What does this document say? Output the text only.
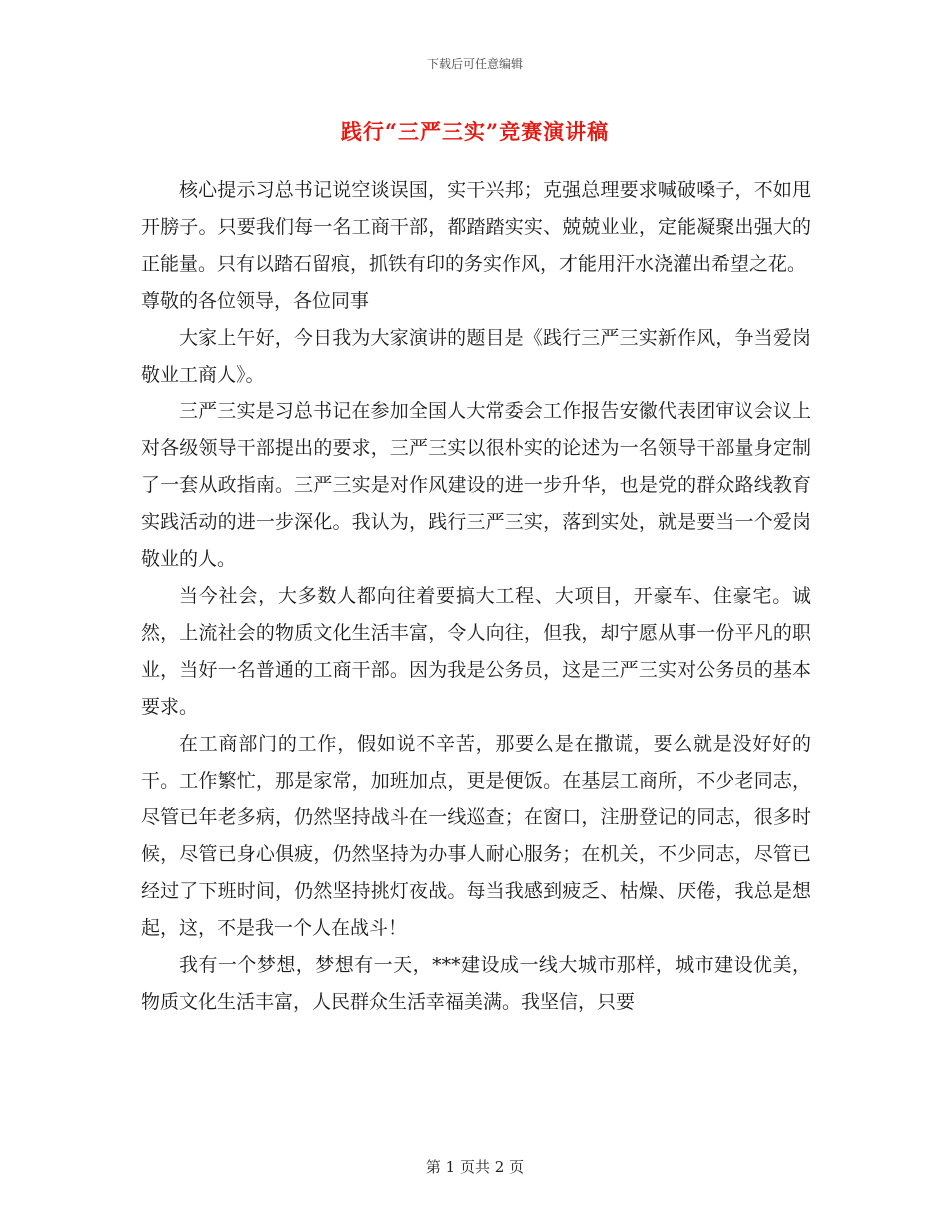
下载后可任意编辑
践行“三严三实”竞赛演讲稿

核心提示习总书记说空谈误国，实干兴邦；克强总理要求喊破嗓子，不如甩开膀子。只要我们每一名工商干部，都踏踏实实、兢兢业业，定能凝聚出强大的正能量。只有以踏石留痕，抓铁有印的务实作风，才能用汗水浇灌出希望之花。

尊敬的各位领导，各位同事

大家上午好，今日我为大家演讲的题目是《践行三严三实新作风，争当爱岗敬业工商人》。

三严三实是习总书记在参加全国人大常委会工作报告安徽代表团审议会议上对各级领导干部提出的要求，三严三实以很朴实的论述为一名领导干部量身定制了一套从政指南。三严三实是对作风建设的进一步升华，也是党的群众路线教育实践活动的进一步深化。我认为，践行三严三实，落到实处，就是要当一个爱岗敬业的人。

当今社会，大多数人都向往着要搞大工程、大项目，开豪车、住豪宅。诚然，上流社会的物质文化生活丰富，令人向往，但我，却宁愿从事一份平凡的职业，当好一名普通的工商干部。因为我是公务员，这是三严三实对公务员的基本要求。

在工商部门的工作，假如说不辛苦，那要么是在撒谎，要么就是没好好的干。工作繁忙，那是家常，加班加点，更是便饭。在基层工商所，不少老同志，尽管已年老多病，仍然坚持战斗在一线巡查；在窗口，注册登记的同志，很多时候，尽管已身心俱疲，仍然坚持为办事人耐心服务；在机关，不少同志，尽管已经过了下班时间，仍然坚持挑灯夜战。每当我感到疲乏、枯燥、厌倦，我总是想起，这，不是我一个人在战斗！

我有一个梦想，梦想有一天，***建设成一线大城市那样，城市建设优美，物质文化生活丰富，人民群众生活幸福美满。我坚信，只要

第 1 页共 2 页
